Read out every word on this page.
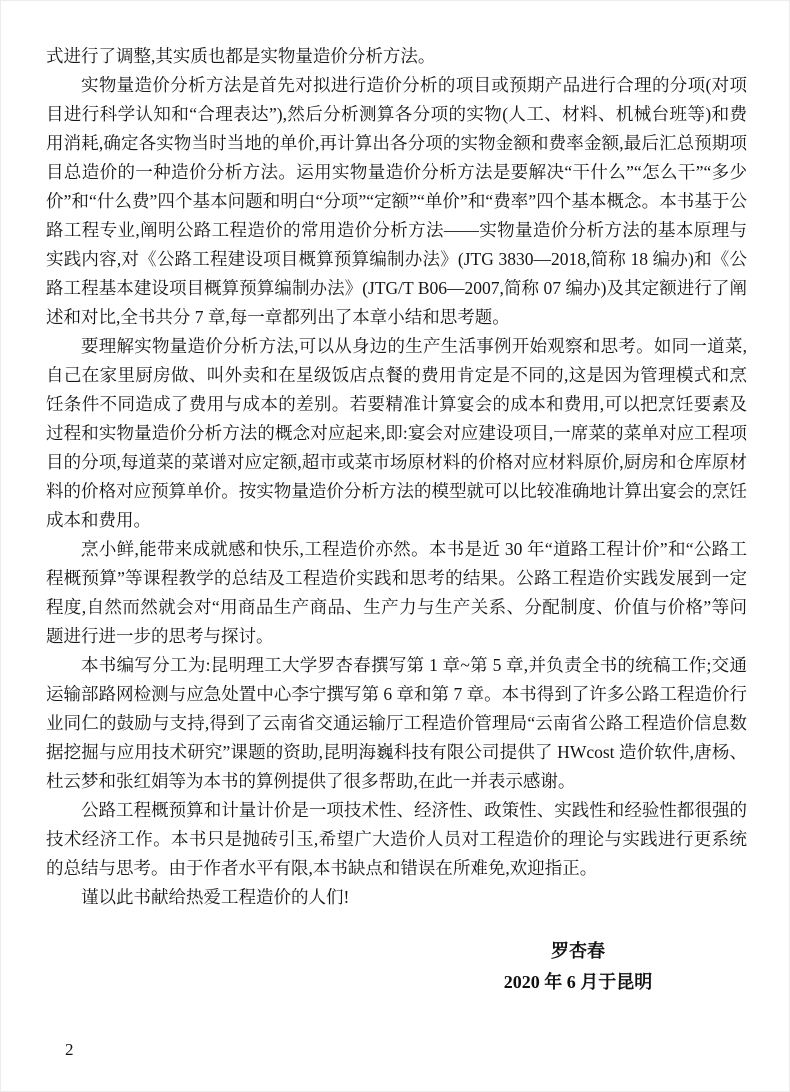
式进行了调整,其实质也都是实物量造价分析方法。

实物量造价分析方法是首先对拟进行造价分析的项目或预期产品进行合理的分项(对项目进行科学认知和“合理表达”),然后分析测算各分项的实物(人工、材料、机械台班等)和费用消耗,确定各实物当时当地的单价,再计算出各分项的实物金额和费率金额,最后汇总预期项目总造价的一种造价分析方法。运用实物量造价分析方法是要解决“干什么”“怎么干”“多少价”和“什么费”四个基本问题和明白“分项”“定额”“单价”和“费率”四个基本概念。本书基于公路工程专业,阐明公路工程造价的常用造价分析方法——实物量造价分析方法的基本原理与实践内容,对《公路工程建设项目概算预算编制办法》(JTG 3830—2018,简称 18 编办)和《公路工程基本建设项目概算预算编制办法》(JTG/T B06—2007,简称 07 编办)及其定额进行了阐述和对比,全书共分 7 章,每一章都列出了本章小结和思考题。

要理解实物量造价分析方法,可以从身边的生产生活事例开始观察和思考。如同一道菜,自己在家里厨房做、叫外卖和在星级饭店点餐的费用肯定是不同的,这是因为管理模式和烹饪条件不同造成了费用与成本的差别。若要精准计算宴会的成本和费用,可以把烹饪要素及过程和实物量造价分析方法的概念对应起来,即:宴会对应建设项目,一席菜的菜单对应工程项目的分项,每道菜的菜谱对应定额,超市或菜市场原材料的价格对应材料原价,厨房和仓库原材料的价格对应预算单价。按实物量造价分析方法的模型就可以比较准确地计算出宴会的烹饪成本和费用。

烹小鲜,能带来成就感和快乐,工程造价亦然。本书是近 30 年“道路工程计价”和“公路工程概预算”等课程教学的总结及工程造价实践和思考的结果。公路工程造价实践发展到一定程度,自然而然就会对“用商品生产商品、生产力与生产关系、分配制度、价值与价格”等问题进行进一步的思考与探讨。

本书编写分工为:昆明理工大学罗杏春撰写第 1 章~第 5 章,并负责全书的统稿工作;交通运输部路网检测与应急处置中心李宁撰写第 6 章和第 7 章。本书得到了许多公路工程造价行业同仁的鼓励与支持,得到了云南省交通运输厅工程造价管理局“云南省公路工程造价信息数据挖掘与应用技术研究”课题的资助,昆明海巍科技有限公司提供了 HWcost 造价软件,唐杨、杜云梦和张红娟等为本书的算例提供了很多帮助,在此一并表示感谢。

公路工程概预算和计量计价是一项技术性、经济性、政策性、实践性和经验性都很强的技术经济工作。本书只是抛砖引玉,希望广大造价人员对工程造价的理论与实践进行更系统的总结与思考。由于作者水平有限,本书缺点和错误在所难免,欢迎指正。

谨以此书献给热爱工程造价的人们!

罗杏春
2020 年 6 月于昆明
2
